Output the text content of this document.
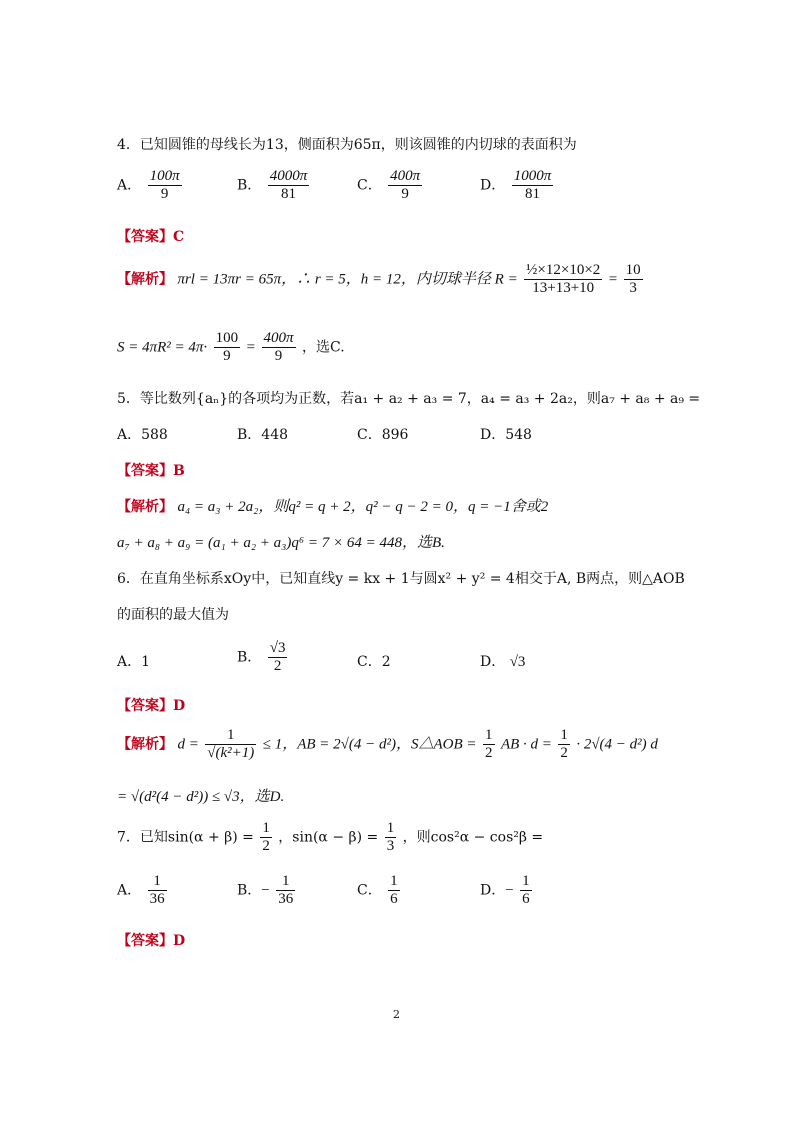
4．已知圆锥的母线长为13，侧面积为65π，则该圆锥的内切球的表面积为
A． $\frac{100\pi}{9}$	B． $\frac{4000\pi}{81}$	C． $\frac{400\pi}{9}$	D． $\frac{1000\pi}{81}$
【答案】C
【解析】 πrl = 13πr = 65π，∴ r = 5，h = 12，内切球半径 $R = \frac{\text{½×12×10×2}}{13+13+10} = \frac{10}{3}$
$S = 4\pi R^2 = 4\pi\cdot \frac{100}{9} = \frac{400\pi}{9}$ ，选C.
5．等比数列{aₙ}的各项均为正数，若a₁ + a₂ + a₃ = 7，a₄ = a₃ + 2a₂，则a₇ + a₈ + a₉ =
A．588	B．448	C．896	D．548
【答案】B
【解析】 a₄ = a₃ + 2a₂，则q² = q + 2，q² − q − 2 = 0，q = −1舍或2
a₇ + a₈ + a₉ = (a₁ + a₂ + a₃)q⁶ = 7 × 64 = 448，选B.
6．在直角坐标系xOy中，已知直线y = kx + 1与圆x² + y² = 4相交于A, B两点，则△AOB
的面积的最大值为
A．1	B． $\frac{√3}{2}$	C．2	D． √3
【答案】D
【解析】 $d = \frac{1}{\text{√(k²+1)}} \le 1$，AB = 2√(4 − d²)，S△AOB = $\frac{1}{2}$ AB · $d = \frac{1}{2} \cdot 2√(4 - d^2)$ d
= √(d²(4 − d²)) ≤ √3，选D.
7．已知$\sin(\alpha + \beta) = \frac{1}{2}$ ，$\sin(\alpha - \beta) = \frac{1}{3}$ ，则cos²α − cos²β =
A． $\frac{1}{36}$	B．− $\frac{1}{36}$	C． $\frac{1}{6}$	D．− $\frac{1}{6}$
【答案】D
2
